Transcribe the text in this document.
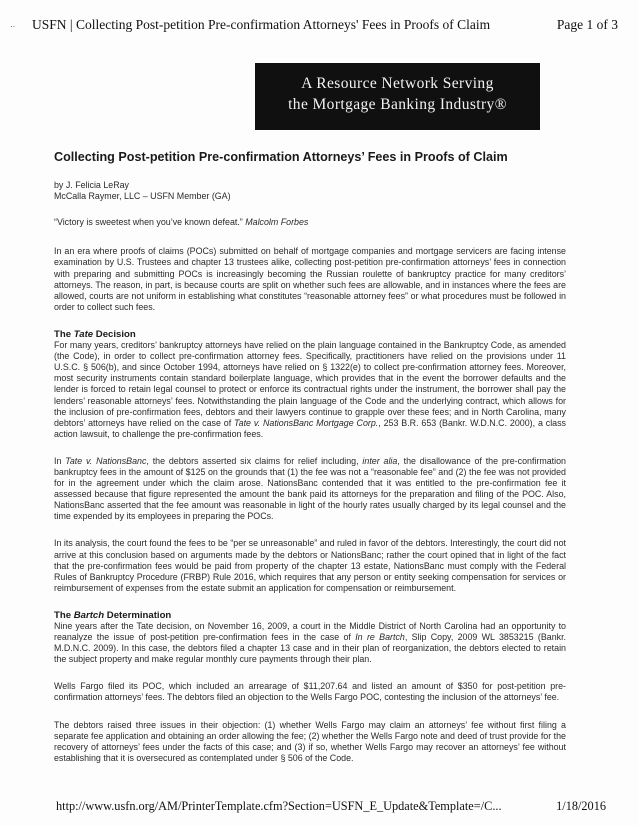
·· USFN | Collecting Post-petition Pre-confirmation Attorneys' Fees in Proofs of Claim	Page 1 of 3
A Resource Network Serving
the Mortgage Banking Industry®
Collecting Post-petition Pre-confirmation Attorneys’ Fees in Proofs of Claim

by J. Felicia LeRay

McCalla Raymer, LLC – USFN Member (GA)

“Victory is sweetest when you’ve known defeat.” Malcolm Forbes

In an era where proofs of claims (POCs) submitted on behalf of mortgage companies and mortgage servicers are facing intense examination by U.S. Trustees and chapter 13 trustees alike, collecting post-petition pre-confirmation attorneys’ fees in connection with preparing and submitting POCs is increasingly becoming the Russian roulette of bankruptcy practice for many creditors’ attorneys. The reason, in part, is because courts are split on whether such fees are allowable, and in instances where the fees are allowed, courts are not uniform in establishing what constitutes “reasonable attorney fees” or what procedures must be followed in order to collect such fees.

The Tate Decision

For many years, creditors’ bankruptcy attorneys have relied on the plain language contained in the Bankruptcy Code, as amended (the Code), in order to collect pre-confirmation attorney fees. Specifically, practitioners have relied on the provisions under 11 U.S.C. § 506(b), and since October 1994, attorneys have relied on § 1322(e) to collect pre-confirmation attorney fees. Moreover, most security instruments contain standard boilerplate language, which provides that in the event the borrower defaults and the lender is forced to retain legal counsel to protect or enforce its contractual rights under the instrument, the borrower shall pay the lenders’ reasonable attorneys’ fees. Notwithstanding the plain language of the Code and the underlying contract, which allows for the inclusion of pre-confirmation fees, debtors and their lawyers continue to grapple over these fees; and in North Carolina, many debtors’ attorneys have relied on the case of Tate v. NationsBanc Mortgage Corp., 253 B.R. 653 (Bankr. W.D.N.C. 2000), a class action lawsuit, to challenge the pre-confirmation fees.

In Tate v. NationsBanc, the debtors asserted six claims for relief including, inter alia, the disallowance of the pre-confirmation bankruptcy fees in the amount of $125 on the grounds that (1) the fee was not a “reasonable fee” and (2) the fee was not provided for in the agreement under which the claim arose. NationsBanc contended that it was entitled to the pre-confirmation fee it assessed because that figure represented the amount the bank paid its attorneys for the preparation and filing of the POC. Also, NationsBanc asserted that the fee amount was reasonable in light of the hourly rates usually charged by its legal counsel and the time expended by its employees in preparing the POCs.

In its analysis, the court found the fees to be “per se unreasonable” and ruled in favor of the debtors. Interestingly, the court did not arrive at this conclusion based on arguments made by the debtors or NationsBanc; rather the court opined that in light of the fact that the pre-confirmation fees would be paid from property of the chapter 13 estate, NationsBanc must comply with the Federal Rules of Bankruptcy Procedure (FRBP) Rule 2016, which requires that any person or entity seeking compensation for services or reimbursement of expenses from the estate submit an application for compensation or reimbursement.

The Bartch Determination

Nine years after the Tate decision, on November 16, 2009, a court in the Middle District of North Carolina had an opportunity to reanalyze the issue of post-petition pre-confirmation fees in the case of In re Bartch, Slip Copy, 2009 WL 3853215 (Bankr. M.D.N.C. 2009). In this case, the debtors filed a chapter 13 case and in their plan of reorganization, the debtors elected to retain the subject property and make regular monthly cure payments through their plan.

Wells Fargo filed its POC, which included an arrearage of $11,207.64 and listed an amount of $350 for post-petition pre-confirmation attorneys’ fees. The debtors filed an objection to the Wells Fargo POC, contesting the inclusion of the attorneys’ fee.

The debtors raised three issues in their objection: (1) whether Wells Fargo may claim an attorneys’ fee without first filing a separate fee application and obtaining an order allowing the fee; (2) whether the Wells Fargo note and deed of trust provide for the recovery of attorneys’ fees under the facts of this case; and (3) if so, whether Wells Fargo may recover an attorneys’ fee without establishing that it is oversecured as contemplated under § 506 of the Code.

http://www.usfn.org/AM/PrinterTemplate.cfm?Section=USFN_E_Update&Template=/C...	1/18/2016
